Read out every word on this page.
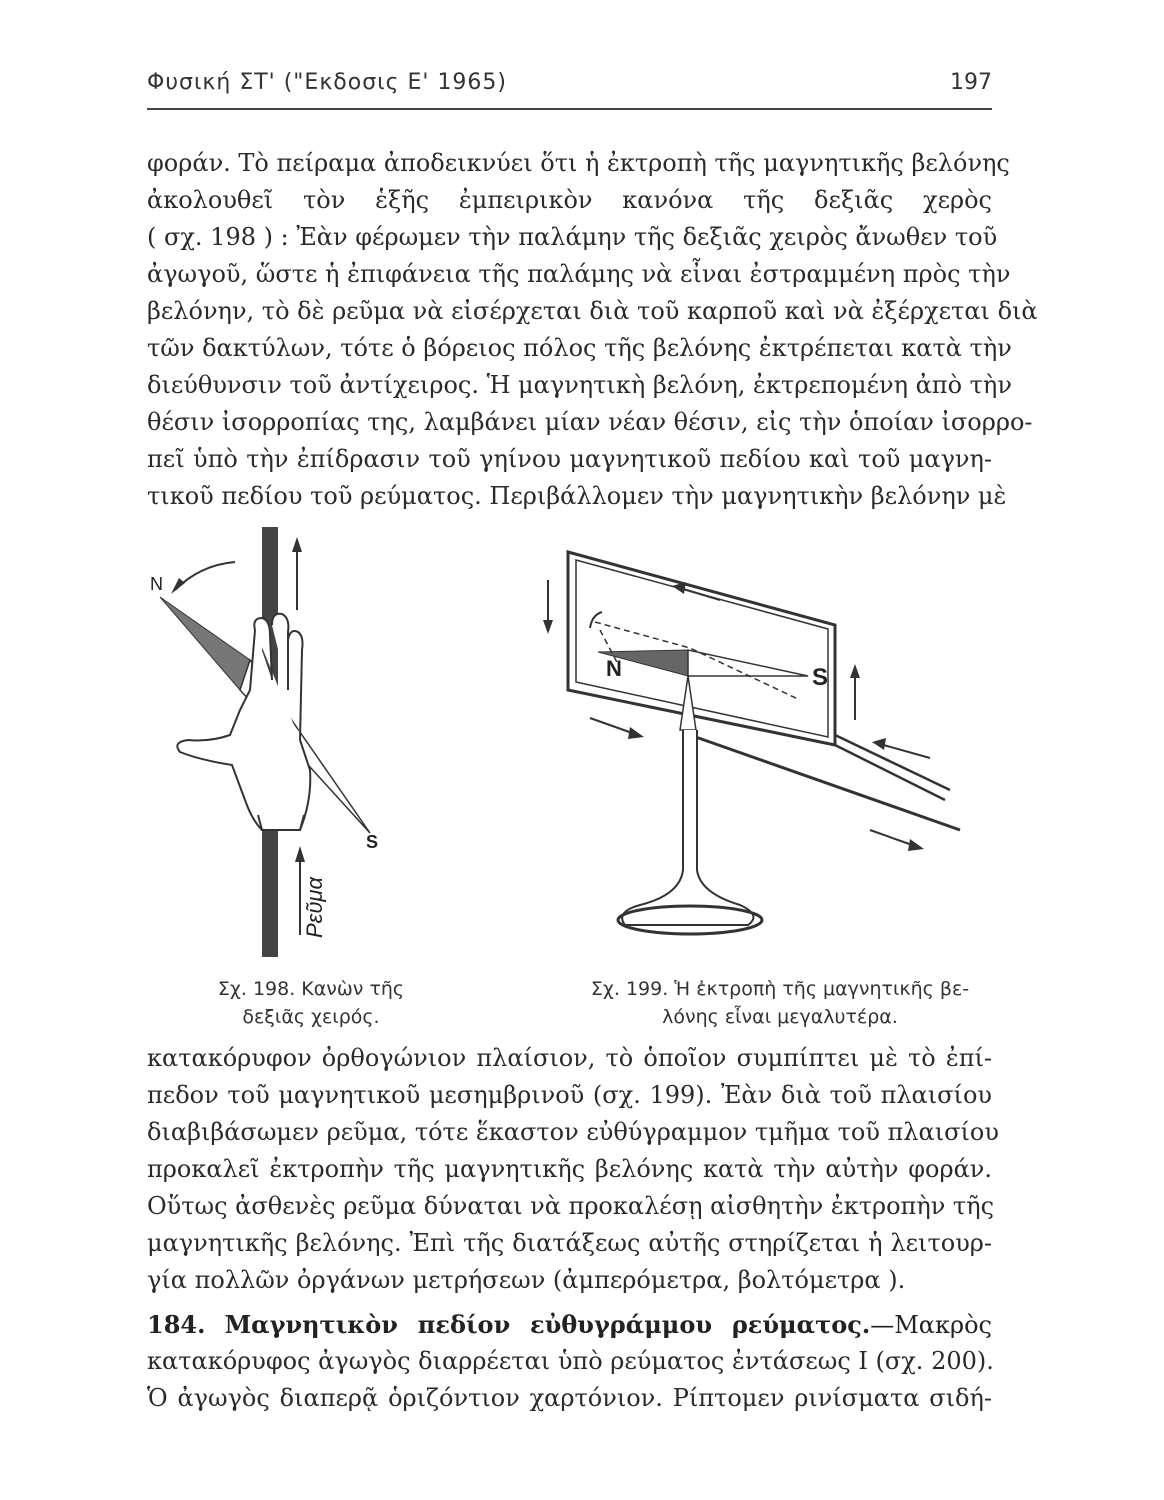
Φυσική ΣΤ' ("Εκδοσις Ε' 1965)	197
φοράν. Τὸ πείραμα ἀποδεικνύει ὅτι ἡ ἐκτροπὴ τῆς μαγνητικῆς βελόνης
ἀκολουθεῖ τὸν ἑξῆς ἐμπειρικὸν κανόνα τῆς δεξιᾶς χερὸς
( σχ. 198 ) : Ἐὰν φέρωμεν τὴν παλάμην τῆς δεξιᾶς χειρὸς ἄνωθεν τοῦ
ἀγωγοῦ, ὥστε ἡ ἐπιφάνεια τῆς παλάμης νὰ εἶναι ἐστραμμένη πρὸς τὴν
βελόνην, τὸ δὲ ρεῦμα νὰ εἰσέρχεται διὰ τοῦ καρποῦ καὶ νὰ ἐξέρχεται διὰ
τῶν δακτύλων, τότε ὁ βόρειος πόλος τῆς βελόνης ἐκτρέπεται κατὰ τὴν
διεύθυνσιν τοῦ ἀντίχειρος. Ἡ μαγνητικὴ βελόνη, ἐκτρεπομένη ἀπὸ τὴν
θέσιν ἰσορροπίας της, λαμβάνει μίαν νέαν θέσιν, εἰς τὴν ὁποίαν ἰσορρο-
πεῖ ὑπὸ τὴν ἐπίδρασιν τοῦ γηίνου μαγνητικοῦ πεδίου καὶ τοῦ μαγνη-
τικοῦ πεδίου τοῦ ρεύματος. Περιβάλλομεν τὴν μαγνητικὴν βελόνην μὲ
N
S
Ρεῦμα
N	S
Σχ. 198. Κανὼν τῆς
δεξιᾶς χειρός.
Σχ. 199. Ἡ ἐκτροπὴ τῆς μαγνητικῆς βε-
λόνης εἶναι μεγαλυτέρα.
κατακόρυφον ὀρθογώνιον πλαίσιον, τὸ ὁποῖον συμπίπτει μὲ τὸ ἐπί-
πεδον τοῦ μαγνητικοῦ μεσημβρινοῦ (σχ. 199). Ἐὰν διὰ τοῦ πλαισίου
διαβιβάσωμεν ρεῦμα, τότε ἕκαστον εὐθύγραμμον τμῆμα τοῦ πλαισίου
προκαλεῖ ἐκτροπὴν τῆς μαγνητικῆς βελόνης κατὰ τὴν αὐτὴν φοράν.
Οὕτως ἀσθενὲς ρεῦμα δύναται νὰ προκαλέσῃ αἰσθητὴν ἐκτροπὴν τῆς
μαγνητικῆς βελόνης. Ἐπὶ τῆς διατάξεως αὐτῆς στηρίζεται ἡ λειτουρ-
γία πολλῶν ὀργάνων μετρήσεων (ἀμπερόμετρα, βολτόμετρα ).
184. Μαγνητικὸν πεδίον εὐθυγράμμου ρεύματος.—Μακρὸς
κατακόρυφος ἀγωγὸς διαρρέεται ὑπὸ ρεύματος ἐντάσεως Ι (σχ. 200).
Ὁ ἀγωγὸς διαπερᾷ ὁριζόντιον χαρτόνιον. Ρίπτομεν ρινίσματα σιδή-
